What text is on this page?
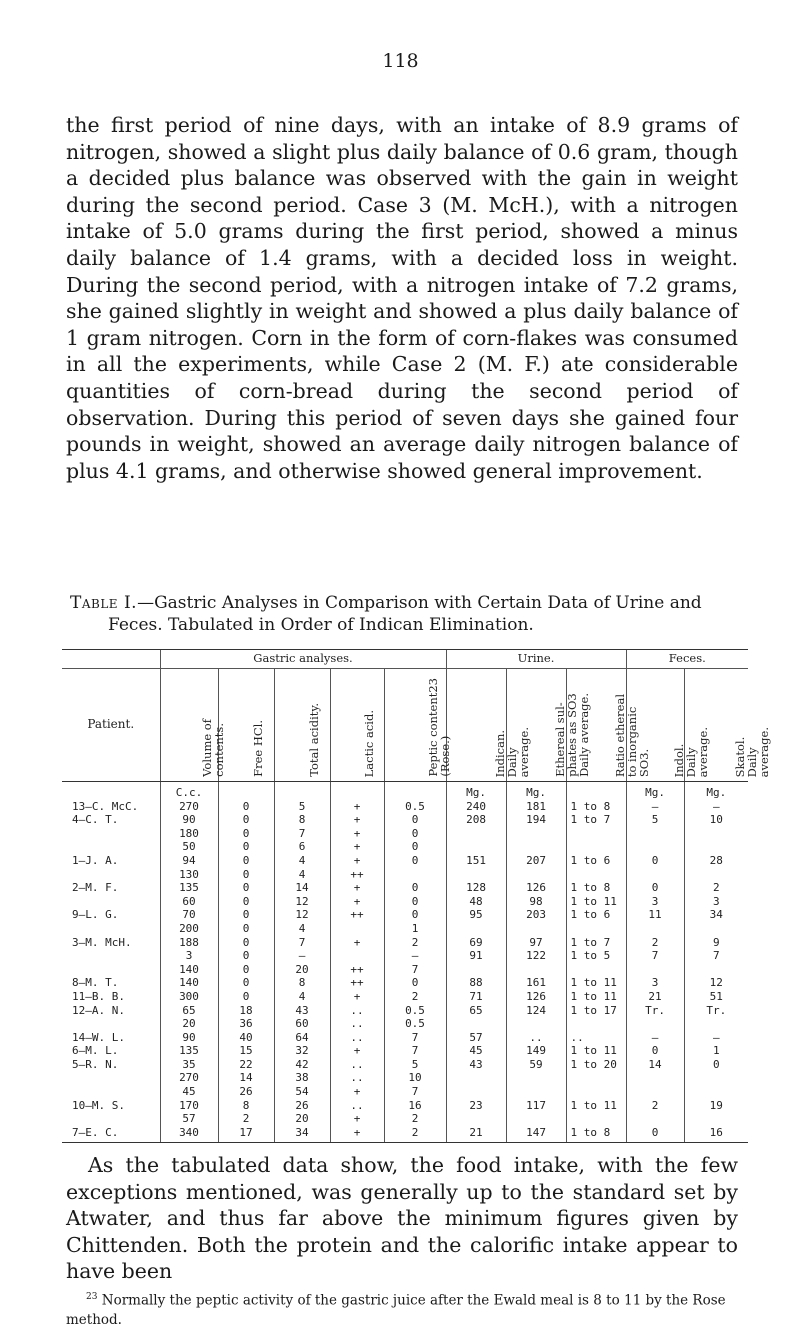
118

the first period of nine days, with an intake of 8.9 grams of nitrogen, showed a slight plus daily balance of 0.6 gram, though a decided plus balance was observed with the gain in weight during the second period. Case 3 (M. McH.), with a nitrogen intake of 5.0 grams during the first period, showed a minus daily balance of 1.4 grams, with a decided loss in weight. During the second period, with a nitrogen intake of 7.2 grams, she gained slightly in weight and showed a plus daily balance of 1 gram nitrogen. Corn in the form of corn-flakes was consumed in all the experiments, while Case 2 (M. F.) ate considerable quantities of corn-bread during the second period of observation. During this period of seven days she gained four pounds in weight, showed an average daily nitrogen balance of plus 4.1 grams, and otherwise showed general improvement.

Table I.—Gastric Analyses in Comparison with Certain Data of Urine and
Feces. Tabulated in Order of Indican Elimination.
	Gastric analyses.					Urine.			Feces.	
Patient.	Volume of
contents.	Free HCl.	Total acidity.	Lactic acid.	Peptic content23
(Rose.)	Indican.
Daily
average.	Ethereal sul-
phates as SO3
Daily average.	Ratio ethereal
to inorganic
SO3.	Indol.
Daily
average.	Skatol.
Daily
average.

	C.c.					Mg.	Mg.		Mg.	Mg.
13—C. McC.	270	0	5	+	0.5	240	181	1 to 8	—	—
4—C. T.	90	0	8	+	0	208	194	1 to 7	5	10
	180	0	7	+	0					
	50	0	6	+	0					
1—J. A.	94	0	4	+	0	151	207	1 to 6	0	28
	130	0	4	++						
2—M. F.	135	0	14	+	0	128	126	1 to 8	0	2
	60	0	12	+	0	48	98	1 to 11	3	3
9—L. G.	70	0	12	++	0	95	203	1 to 6	11	34
	200	0	4		1					
3—M. McH.	188	0	7	+	2	69	97	1 to 7	2	9
	3	0	—		—	91	122	1 to 5	7	7
	140	0	20	++	7					
8—M. T.	140	0	8	++	0	88	161	1 to 11	3	12
11—B. B.	300	0	4	+	2	71	126	1 to 11	21	51
12—A. N.	65	18	43	..	0.5	65	124	1 to 17	Tr.	Tr.
	20	36	60	..	0.5					
14—W. L.	90	40	64	..	7	57	..	..	—	—
6—M. L.	135	15	32	+	7	45	149	1 to 11	0	1
5—R. N.	35	22	42	..	5	43	59	1 to 20	14	0
	270	14	38	..	10					
	45	26	54	+	7					
10—M. S.	170	8	26	..	16	23	117	1 to 11	2	19
	57	2	20	+	2					
7—E. C.	340	17	34	+	2	21	147	1 to 8	0	16

As the tabulated data show, the food intake, with the few exceptions mentioned, was generally up to the standard set by Atwater, and thus far above the minimum figures given by Chittenden. Both the protein and the calorific intake appear to have been

$^{23}$ Normally the peptic activity of the gastric juice after the Ewald meal is 8 to 11 by the Rose method.
